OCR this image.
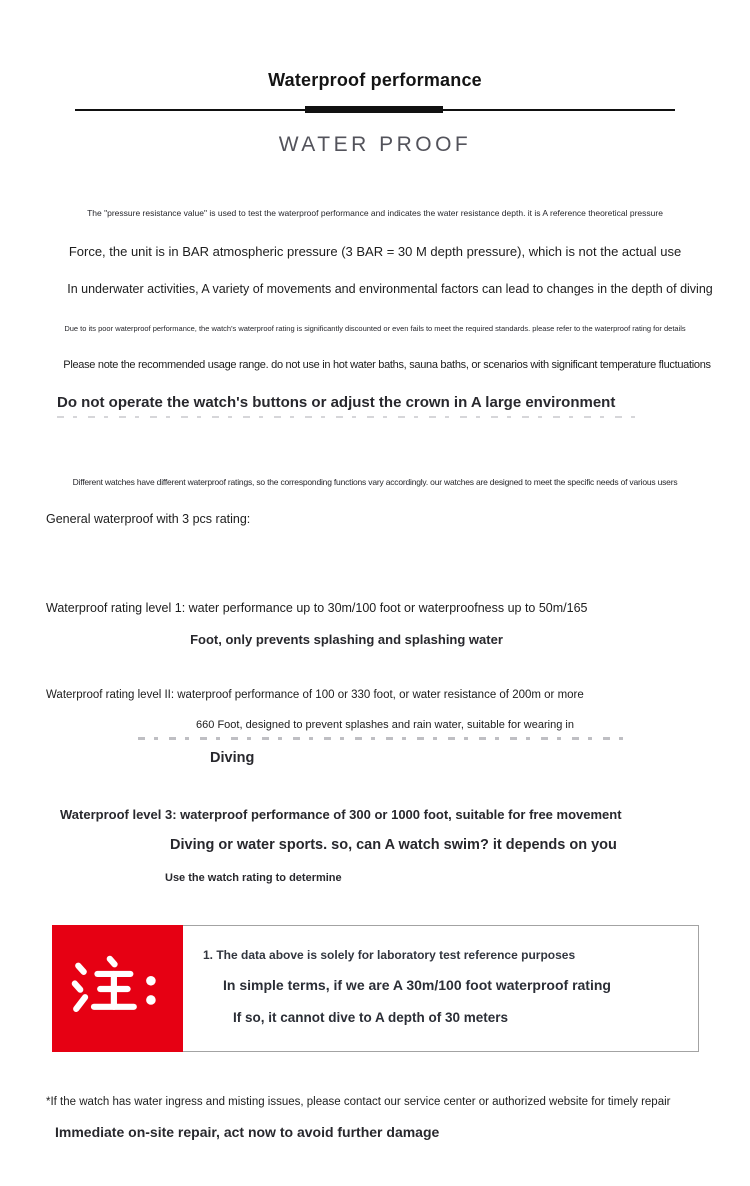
Waterproof performance
WATER PROOF
The "pressure resistance value" is used to test the waterproof performance and indicates the water resistance depth. it is A reference theoretical pressure
Force, the unit is in BAR atmospheric pressure (3 BAR = 30 M depth pressure), which is not the actual use
In underwater activities, A variety of movements and environmental factors can lead to changes in the depth of diving
Due to its poor waterproof performance, the watch's waterproof rating is significantly discounted or even fails to meet the required standards. please refer to the waterproof rating for details
Please note the recommended usage range. do not use in hot water baths, sauna baths, or scenarios with significant temperature fluctuations
Do not operate the watch's buttons or adjust the crown in A large environment
Different watches have different waterproof ratings, so the corresponding functions vary accordingly. our watches are designed to meet the specific needs of various users
General waterproof with 3 pcs rating:
Waterproof rating level 1: water performance up to 30m/100 foot or waterproofness up to 50m/165
Foot, only prevents splashing and splashing water
Waterproof rating level II: waterproof performance of 100 or 330 foot, or water resistance of 200m or more
660 Foot, designed to prevent splashes and rain water, suitable for wearing in
Diving
Waterproof level 3: waterproof performance of 300 or 1000 foot, suitable for free movement
Diving or water sports. so, can A watch swim? it depends on you
Use the watch rating to determine
1. The data above is solely for laboratory test reference purposes
In simple terms, if we are A 30m/100 foot waterproof rating
If so, it cannot dive to A depth of 30 meters
*If the watch has water ingress and misting issues, please contact our service center or authorized website for timely repair
Immediate on-site repair, act now to avoid further damage
